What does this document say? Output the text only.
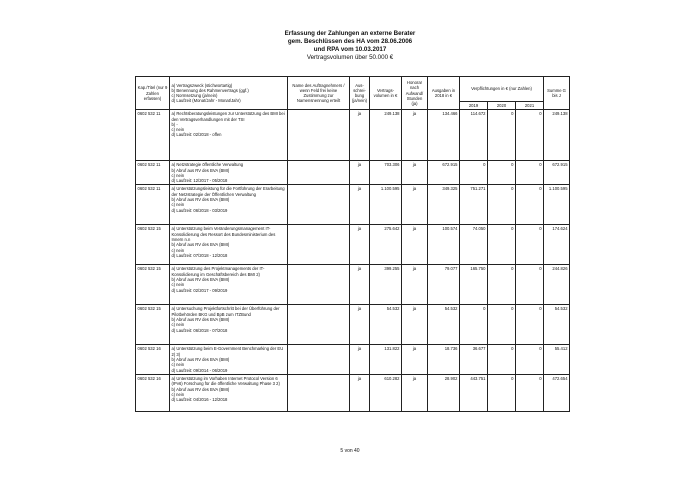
Erfassung der Zahlungen an externe Berater
gem. Beschlüssen des HA vom 28.06.2006
und RPA vom 10.03.2017
Vertragsvolumen über 50.000 €
Kap./Titel (nur 9 Zahlen erfassen)	a) Vertragszweck (stichwortartig)
b) Benennung des Rahmenvertrags (ggf.)
c) Normsetzung (ja/nein)
d) Laufzeit (Monat/Jahr - Monat/Jahr)	Name des Auftragnehmers / wenn Feld frei keine Zustimmung zur Namensnennung erteilt	Aus-schrei-bung (ja/nein)	Vertrags-volumen in €	Honorar nach Aufwand/ Stunden (ja)	Ausgaben in 2018 in €	Verpflichtungen in € (nur Zahlen)			Summe G bis J
							2019	2020	2021	
0602 532 11	a) Rechtsberatungsleistungen zur Unterstützung des BMI bei den Vertragsverhandlungen mit der TSI
b) -
c) nein
d) Laufzeit: 02/2018 - offen		ja	249.138	ja	134.466	114.672	0	0	249.138
0602 532 11	a) Netzstrategie öffentliche Verwaltung
b) Abruf aus RV des BVA (BMI)
c) nein
d) Laufzeit: 12/2017 - 05/2018		ja	703.306	ja	672.915	0	0	0	672.915
0602 532 11	a) Unterstützungsleistung für die Fortführung der Erarbeitung der Netzstrategie der Öffentlichen Verwaltung
b) Abruf aus RV des BVA (BMI)
c) nein
d) Laufzeit: 06/2018 - 03/2019		ja	1.100.595	ja	349.325	751.271	0	0	1.100.595
0602 532 15	a) Unterstützung beim Veränderungsmanagement IT-Konsolidierung des Ressort des Bundesministerium des Innern n.n
b) Abruf aus RV des BVA (BMI)
c) nein
d) Laufzeit: 07/2018 - 12/2018		ja	275.642	ja	100.574	74.050	0	0	174.624
0602 532 15	a) Unterstützung des Projektmanagements der IT-Konsolidierung im Geschäftsbereich des BMI 2)
b) Abruf aus RV des BVA (BMI)
c) nein
d) Laufzeit: 02/2017 - 09/2019		ja	399.255	ja	79.077	165.750	0	0	244.826
0602 532 15	a) Untersuchung Projektfortschritt bei der Überführung der Pilotbehörden BKG und BpB zum ITZBund
b) Abruf aus RV des BVA (BMI)
c) nein
d) Laufzeit: 06/2018 - 07/2018		ja	54.532	ja	54.532	0	0	0	54.532
0602 532 16	a) Unterstützung beim E-Government Benchmarking der EU 2) 3)
b) Abruf aus RV des BVA (BMI)
c) nein
d) Laufzeit: 09/2014 - 06/2019		ja	131.822	ja	18.736	36.677	0	0	55.412
0602 532 16	a) Unterstützung im Vorhaben Internet Protocol Version 6 (IPv6) Forschung für die öffentliche Verwaltung Phase 3 2)
b) Abruf aus RV des BVA (BMI)
c) nein
d) Laufzeit: 04/2016 - 12/2018		ja	610.282	ja	28.902	443.751	0	0	472.654
5 von 40
